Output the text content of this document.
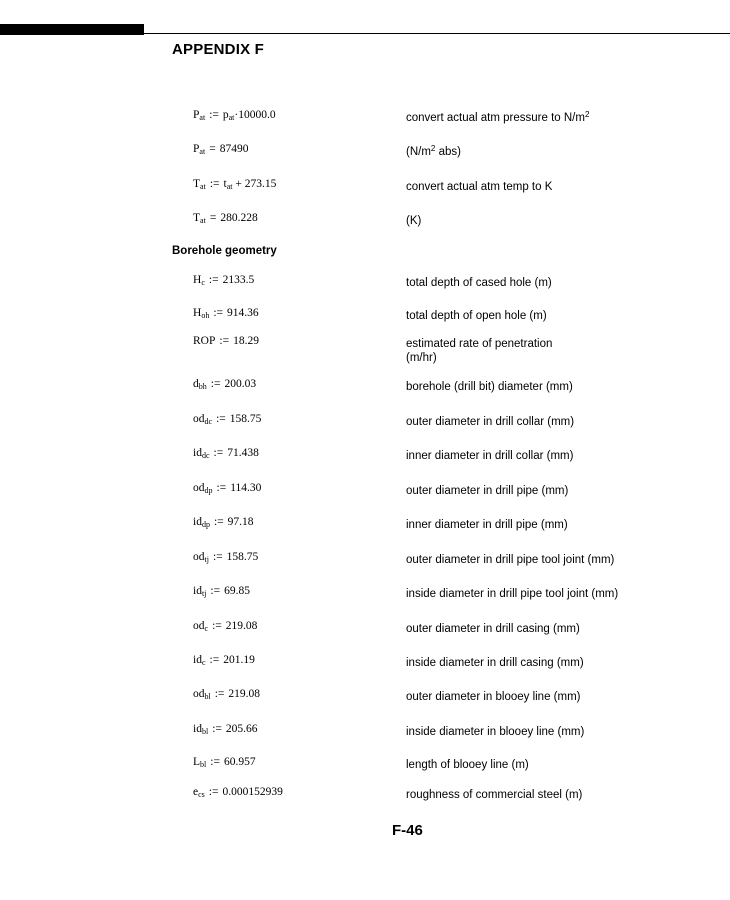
APPENDIX F
Borehole geometry
$P_{at}$ := $p_{at}\cdot 10000.0$	convert actual atm pressure to $N/m^2$
$P_{at} = 87490$	($N/m^2$ abs)
$T_{at}$ := $t_{at} + 273.15$	convert actual atm temp to K
$T_{at} = 280.228$	(K)
$H_c$ := 2133.5	total depth of cased hole (m)
$H_{oh}$ := 914.36	total depth of open hole (m)
ROP := 18.29	estimated rate of penetration
(m/hr)
$d_{bh}$ := 200.03	borehole (drill bit) diameter (mm)
$od_{dc}$ := 158.75	outer diameter in drill collar (mm)
$id_{dc}$ := 71.438	inner diameter in drill collar (mm)
$od_{dp}$ := 114.30	outer diameter in drill pipe (mm)
$id_{dp}$ := 97.18	inner diameter in drill pipe (mm)
$od_{tj}$ := 158.75	outer diameter in drill pipe tool joint (mm)
$id_{tj}$ := 69.85	inside diameter in drill pipe tool joint (mm)
$od_c$ := 219.08	outer diameter in drill casing (mm)
$id_c$ := 201.19	inside diameter in drill casing (mm)
$od_{bl}$ := 219.08	outer diameter in blooey line (mm)
$id_{bl}$ := 205.66	inside diameter in blooey line (mm)
$L_{bl}$ := 60.957	length of blooey line (m)
$e_{cs}$ := 0.000152939	roughness of commercial steel (m)
F-46
